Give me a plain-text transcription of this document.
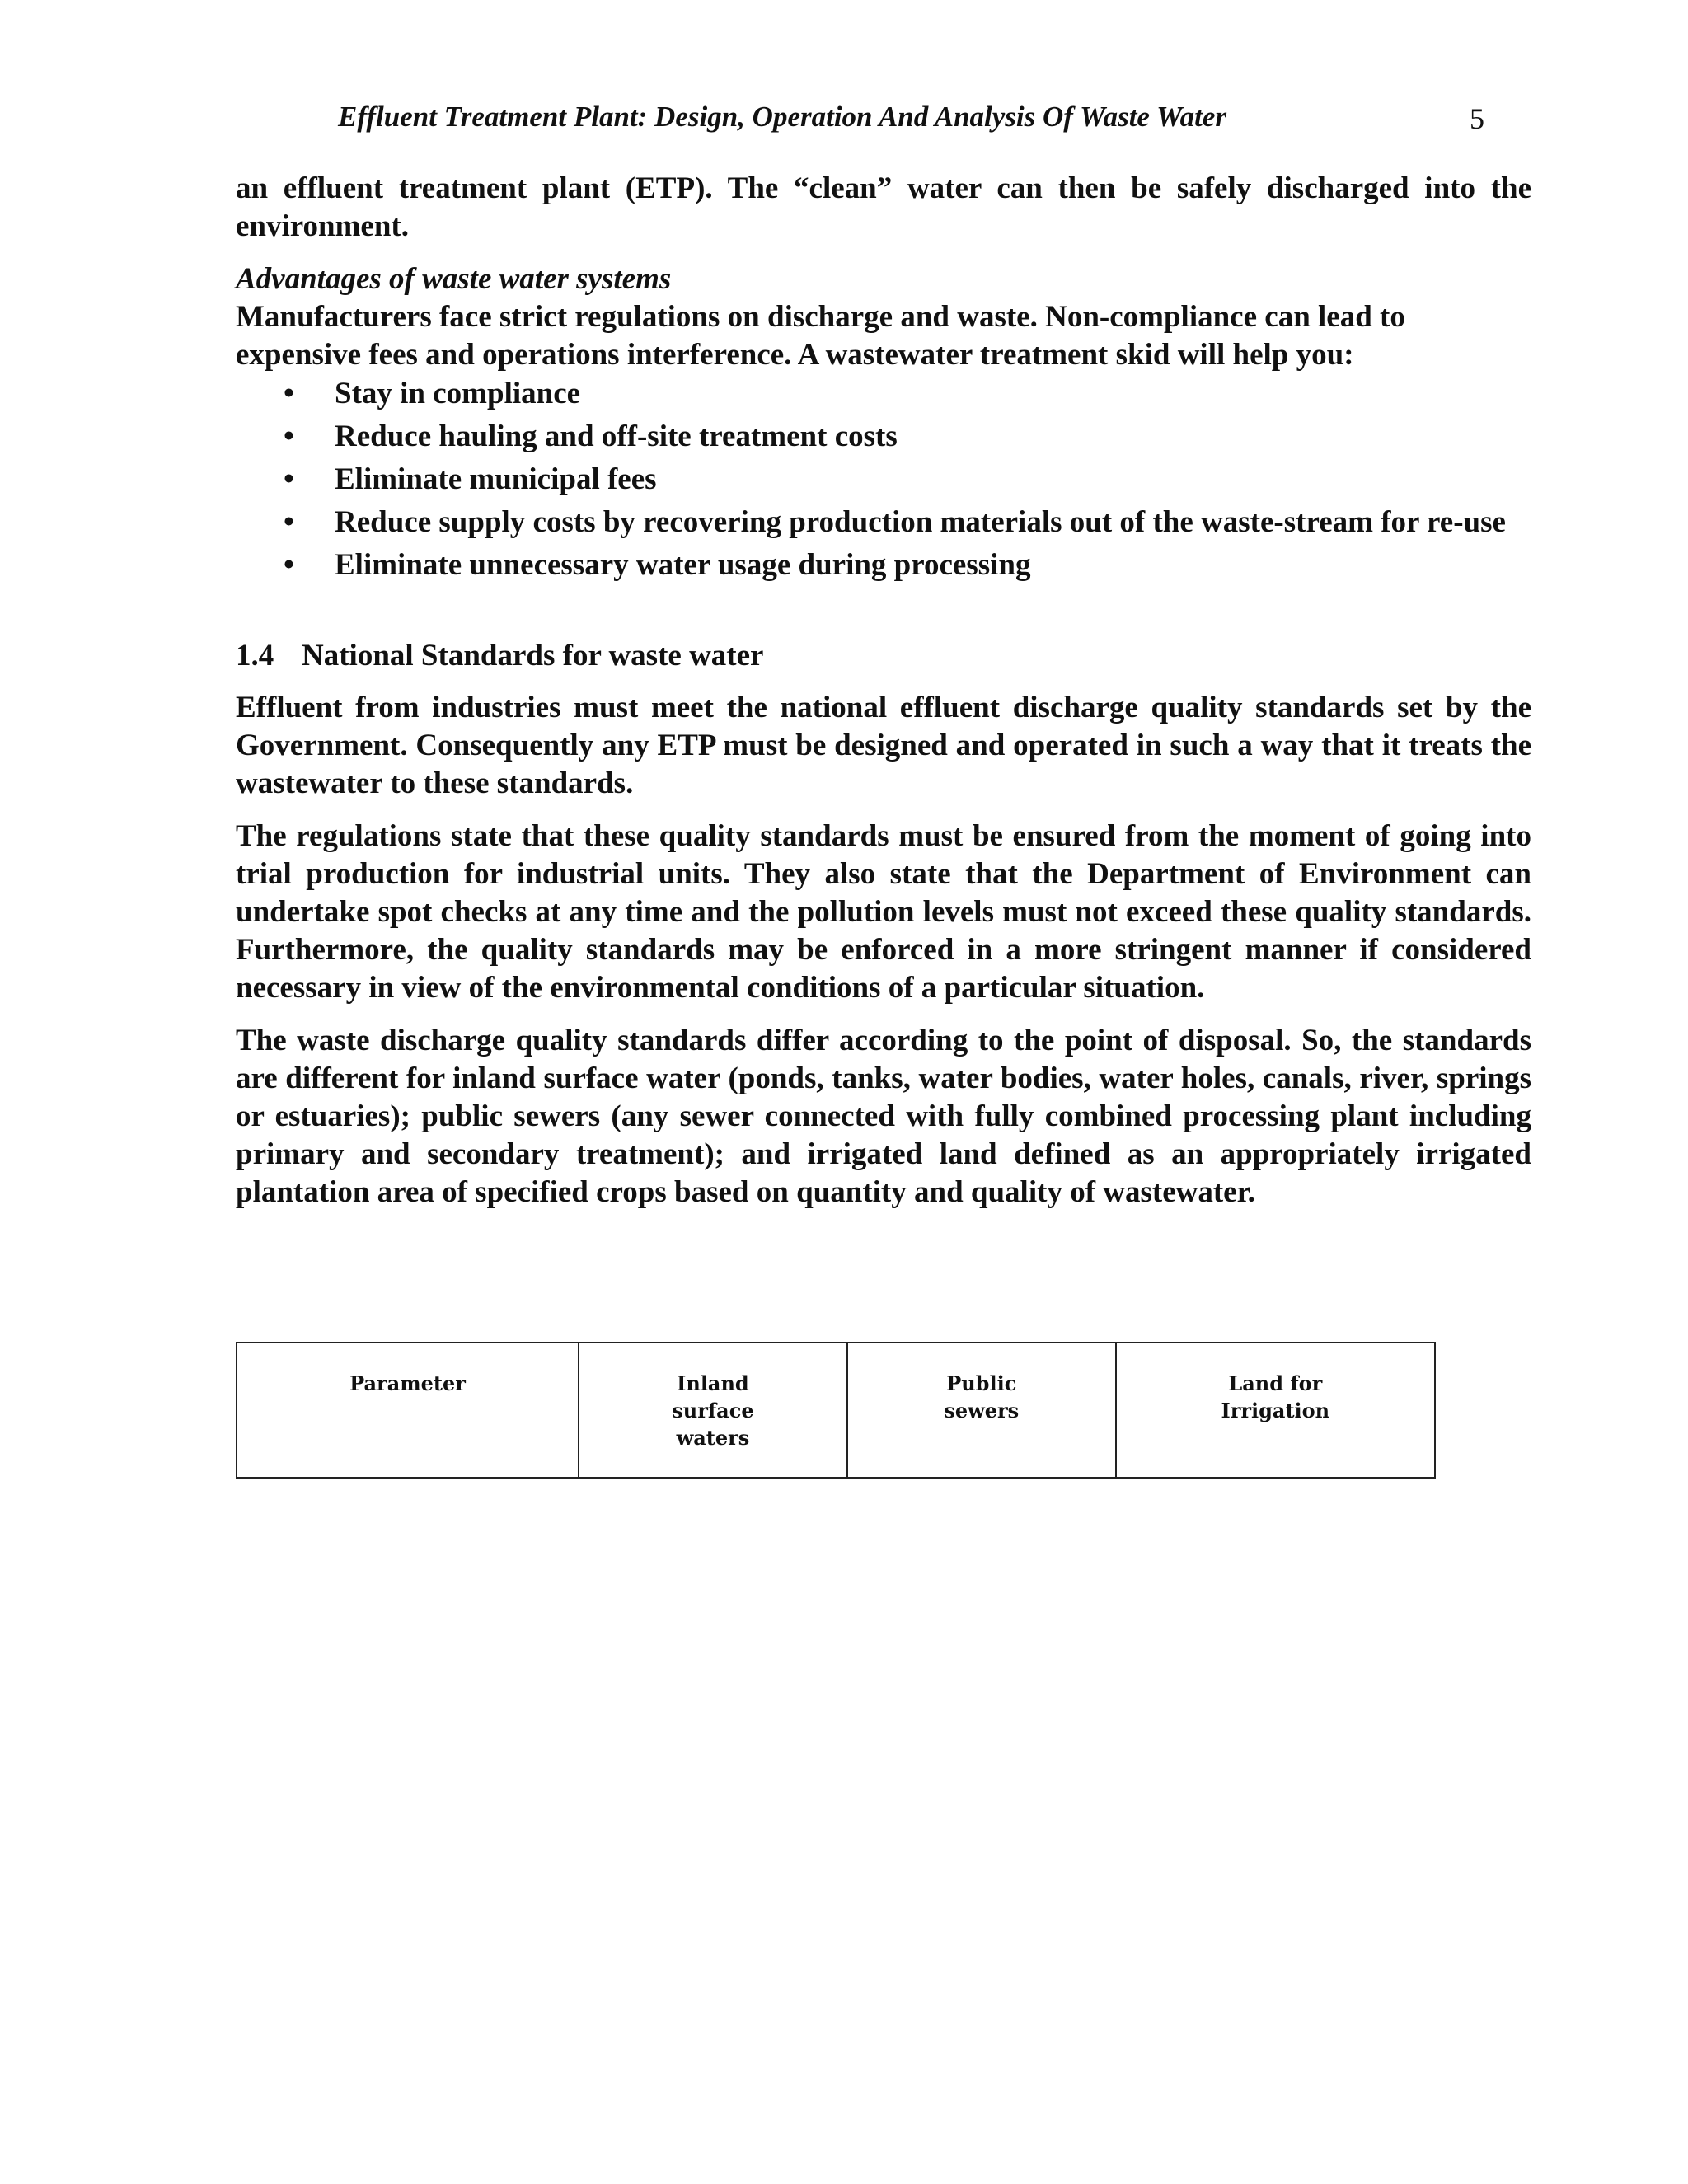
Effluent Treatment Plant: Design, Operation And Analysis Of Waste Water	5

an effluent treatment plant (ETP). The “clean” water can then be safely discharged into the environment.

Advantages of waste water systems

Manufacturers face strict regulations on discharge and waste. Non-compliance can lead to expensive fees and operations interference. A wastewater treatment skid will help you:

• Stay in compliance
• Reduce hauling and off-site treatment costs
• Eliminate municipal fees
• Reduce supply costs by recovering production materials out of the waste-stream for re-use
• Eliminate unnecessary water usage during processing
1.4 National Standards for waste water

Effluent from industries must meet the national effluent discharge quality standards set by the Government. Consequently any ETP must be designed and operated in such a way that it treats the wastewater to these standards.

The regulations state that these quality standards must be ensured from the moment of going into trial production for industrial units. They also state that the Department of Environment can undertake spot checks at any time and the pollution levels must not exceed these quality standards. Furthermore, the quality standards may be enforced in a more stringent manner if considered necessary in view of the environmental conditions of a particular situation.

The waste discharge quality standards differ according to the point of disposal. So, the standards are different for inland surface water (ponds, tanks, water bodies, water holes, canals, river, springs or estuaries); public sewers (any sewer connected with fully combined processing plant including primary and secondary treatment); and irrigated land defined as an appropriately irrigated plantation area of specified crops based on quantity and quality of wastewater.

Parameter	Inland surface waters	Public sewers	Land for Irrigation
